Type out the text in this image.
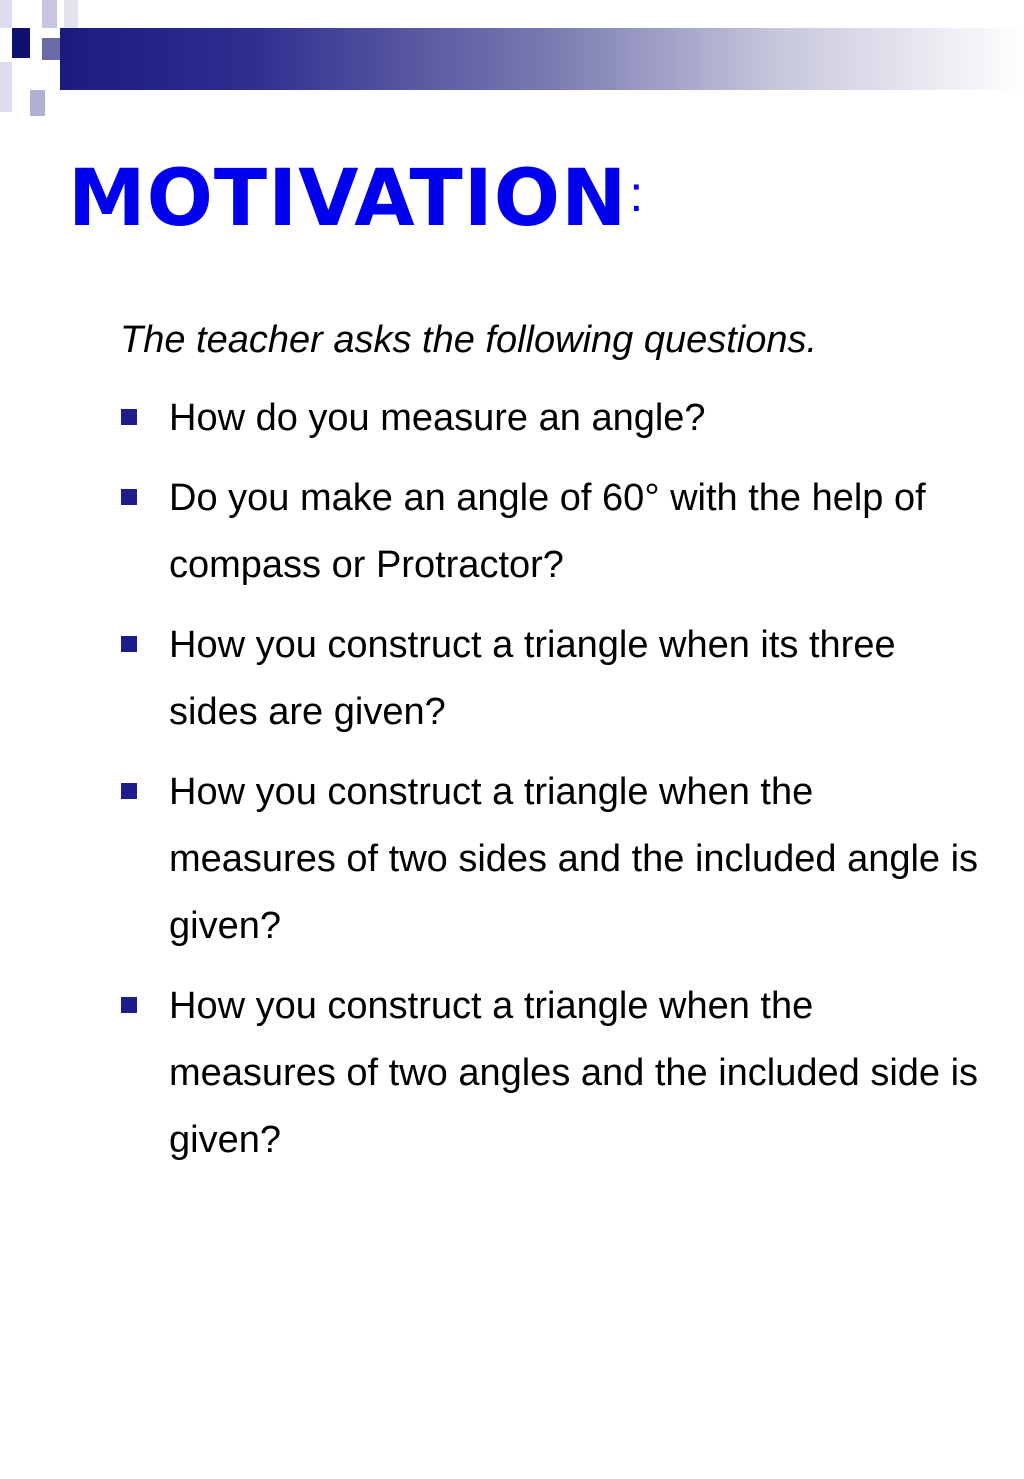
MOTIVATION:
The teacher asks the following questions.
How do you measure an angle?
Do you make an angle of 60° with the help of compass or Protractor?
How you construct a triangle when its three sides are given?
How you construct a triangle when the measures of two sides and the included angle is given?
How you construct a triangle when the measures of two angles and the included side is given?
